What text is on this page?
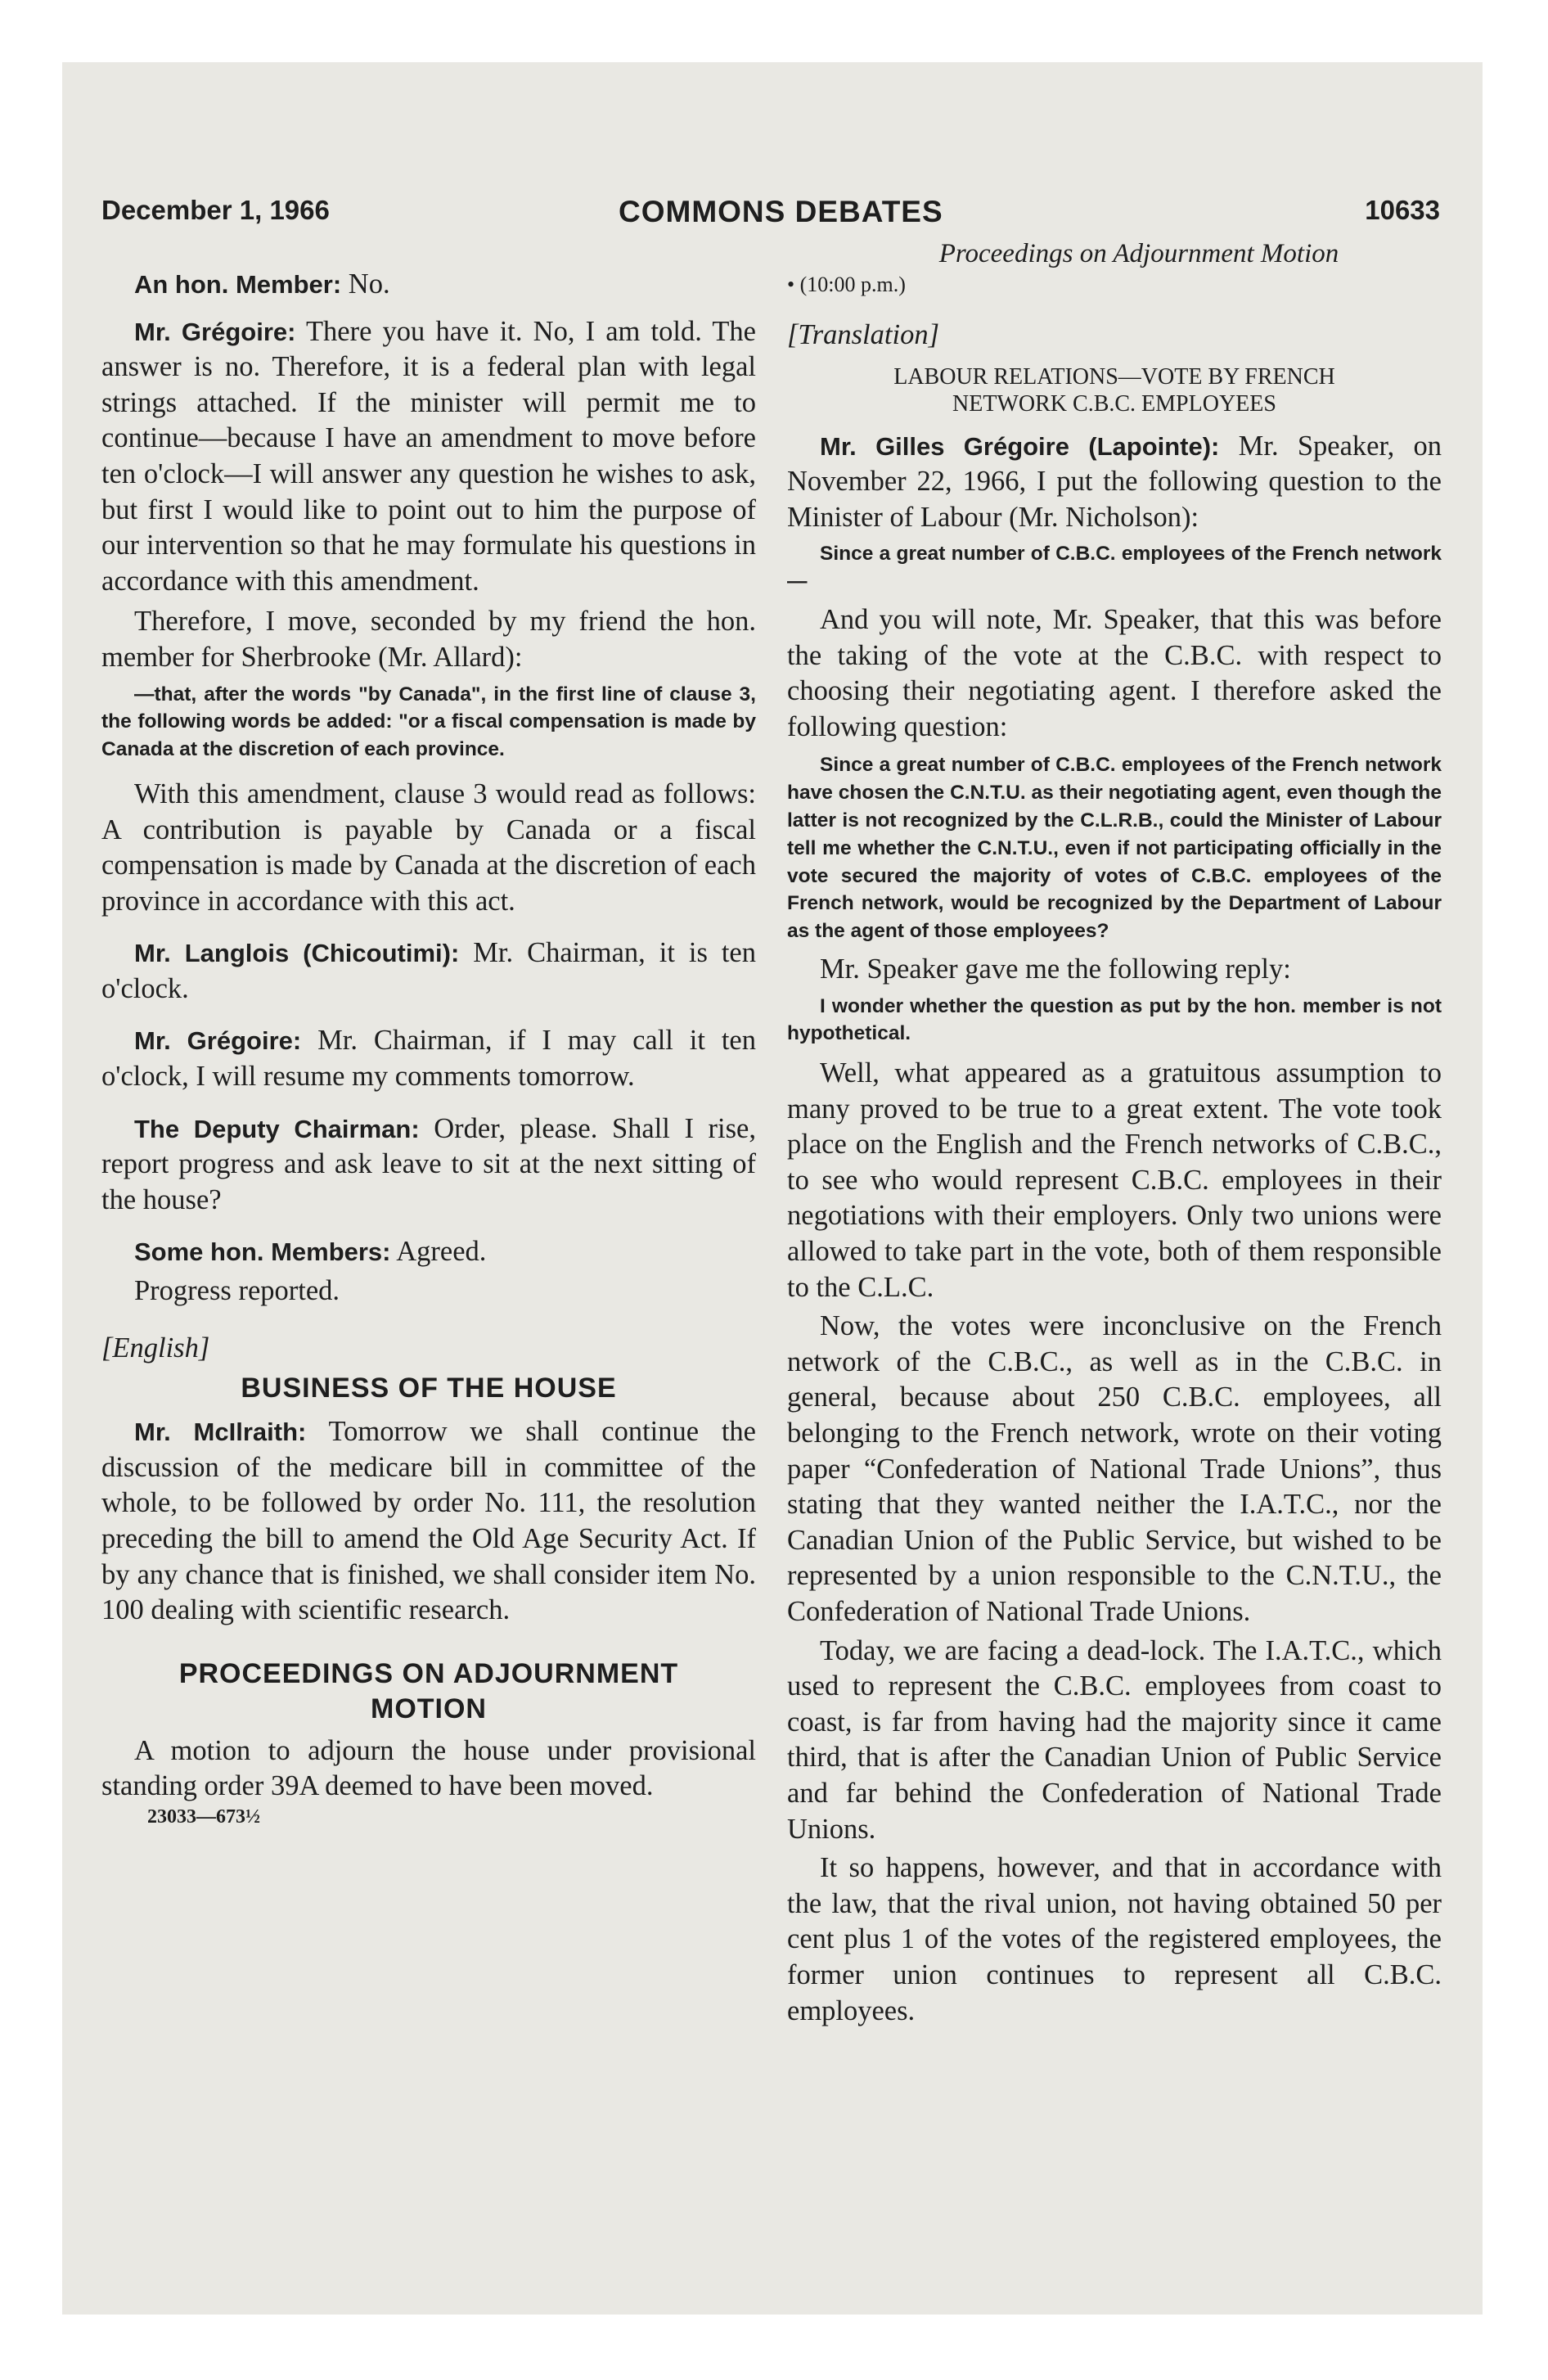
December 1, 1966	COMMONS DEBATES	10633

An hon. Member: No.

Mr. Grégoire: There you have it. No, I am told. The answer is no. Therefore, it is a federal plan with legal strings attached. If the minister will permit me to continue—because I have an amendment to move before ten o'clock—I will answer any question he wishes to ask, but first I would like to point out to him the purpose of our intervention so that he may formulate his questions in accordance with this amendment.

Therefore, I move, seconded by my friend the hon. member for Sherbrooke (Mr. Allard):

—that, after the words "by Canada", in the first line of clause 3, the following words be added: "or a fiscal compensation is made by Canada at the discretion of each province.

With this amendment, clause 3 would read as follows: A contribution is payable by Canada or a fiscal compensation is made by Canada at the discretion of each province in accordance with this act.

Mr. Langlois (Chicoutimi): Mr. Chairman, it is ten o'clock.

Mr. Grégoire: Mr. Chairman, if I may call it ten o'clock, I will resume my comments tomorrow.

The Deputy Chairman: Order, please. Shall I rise, report progress and ask leave to sit at the next sitting of the house?

Some hon. Members: Agreed.

Progress reported.

[English]

BUSINESS OF THE HOUSE

Mr. McIlraith: Tomorrow we shall continue the discussion of the medicare bill in committee of the whole, to be followed by order No. 111, the resolution preceding the bill to amend the Old Age Security Act. If by any chance that is finished, we shall consider item No. 100 dealing with scientific research.

PROCEEDINGS ON ADJOURNMENT MOTION

A motion to adjourn the house under provisional standing order 39A deemed to have been moved.

23033—673½

Proceedings on Adjournment Motion

• (10:00 p.m.)

[Translation]

LABOUR RELATIONS—VOTE BY FRENCH NETWORK C.B.C. EMPLOYEES

Mr. Gilles Grégoire (Lapointe): Mr. Speaker, on November 22, 1966, I put the following question to the Minister of Labour (Mr. Nicholson):

Since a great number of C.B.C. employees of the French network—

And you will note, Mr. Speaker, that this was before the taking of the vote at the C.B.C. with respect to choosing their negotiating agent. I therefore asked the following question:

Since a great number of C.B.C. employees of the French network have chosen the C.N.T.U. as their negotiating agent, even though the latter is not recognized by the C.L.R.B., could the Minister of Labour tell me whether the C.N.T.U., even if not participating officially in the vote secured the majority of votes of C.B.C. employees of the French network, would be recognized by the Department of Labour as the agent of those employees?

Mr. Speaker gave me the following reply:

I wonder whether the question as put by the hon. member is not hypothetical.

Well, what appeared as a gratuitous assumption to many proved to be true to a great extent. The vote took place on the English and the French networks of C.B.C., to see who would represent C.B.C. employees in their negotiations with their employers. Only two unions were allowed to take part in the vote, both of them responsible to the C.L.C.

Now, the votes were inconclusive on the French network of the C.B.C., as well as in the C.B.C. in general, because about 250 C.B.C. employees, all belonging to the French network, wrote on their voting paper “Confederation of National Trade Unions”, thus stating that they wanted neither the I.A.T.C., nor the Canadian Union of the Public Service, but wished to be represented by a union responsible to the C.N.T.U., the Confederation of National Trade Unions.

Today, we are facing a dead-lock. The I.A.T.C., which used to represent the C.B.C. employees from coast to coast, is far from having had the majority since it came third, that is after the Canadian Union of Public Service and far behind the Confederation of National Trade Unions.

It so happens, however, and that in accordance with the law, that the rival union, not having obtained 50 per cent plus 1 of the votes of the registered employees, the former union continues to represent all C.B.C. employees.
